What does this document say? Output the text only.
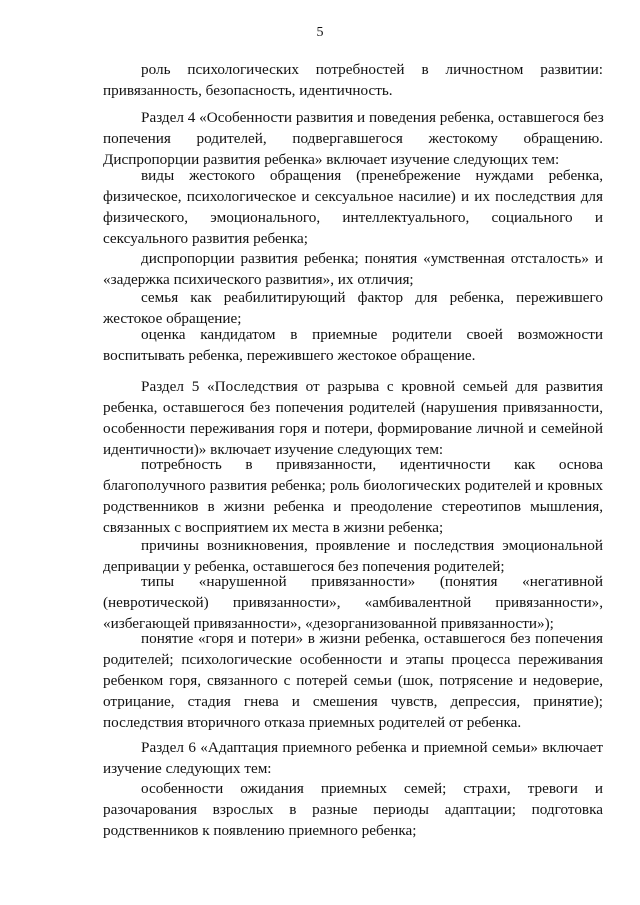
5
роль психологических потребностей в личностном развитии:
привязанность, безопасность, идентичность.
Раздел 4 «Особенности развития и поведения ребенка, оставшегося без
попечения родителей, подвергавшегося жестокому обращению.
Диспропорции развития ребенка» включает изучение следующих тем:
виды жестокого обращения (пренебрежение нуждами ребенка,
физическое, психологическое и сексуальное насилие) и их последствия для
физического, эмоционального, интеллектуального, социального и
сексуального развития ребенка;
диспропорции развития ребенка; понятия «умственная отсталость» и
«задержка психического развития», их отличия;
семья как реабилитирующий фактор для ребенка, пережившего
жестокое обращение;
оценка кандидатом в приемные родители своей возможности
воспитывать ребенка, пережившего жестокое обращение.
Раздел 5 «Последствия от разрыва с кровной семьей для развития
ребенка, оставшегося без попечения родителей (нарушения привязанности,
особенности переживания горя и потери, формирование личной и семейной
идентичности)» включает изучение следующих тем:
потребность в привязанности, идентичности как основа
благополучного развития ребенка; роль биологических родителей и кровных
родственников в жизни ребенка и преодоление стереотипов мышления,
связанных с восприятием их места в жизни ребенка;
причины возникновения, проявление и последствия эмоциональной
депривации у ребенка, оставшегося без попечения родителей;
типы «нарушенной привязанности» (понятия «негативной
(невротической) привязанности», «амбивалентной привязанности»,
«избегающей привязанности», «дезорганизованной привязанности»);
понятие «горя и потери» в жизни ребенка, оставшегося без попечения
родителей; психологические особенности и этапы процесса переживания
ребенком горя, связанного с потерей семьи (шок, потрясение и недоверие,
отрицание, стадия гнева и смешения чувств, депрессия, принятие);
последствия вторичного отказа приемных родителей от ребенка.
Раздел 6 «Адаптация приемного ребенка и приемной семьи» включает
изучение следующих тем:
особенности ожидания приемных семей; страхи, тревоги и
разочарования взрослых в разные периоды адаптации; подготовка
родственников к появлению приемного ребенка;
